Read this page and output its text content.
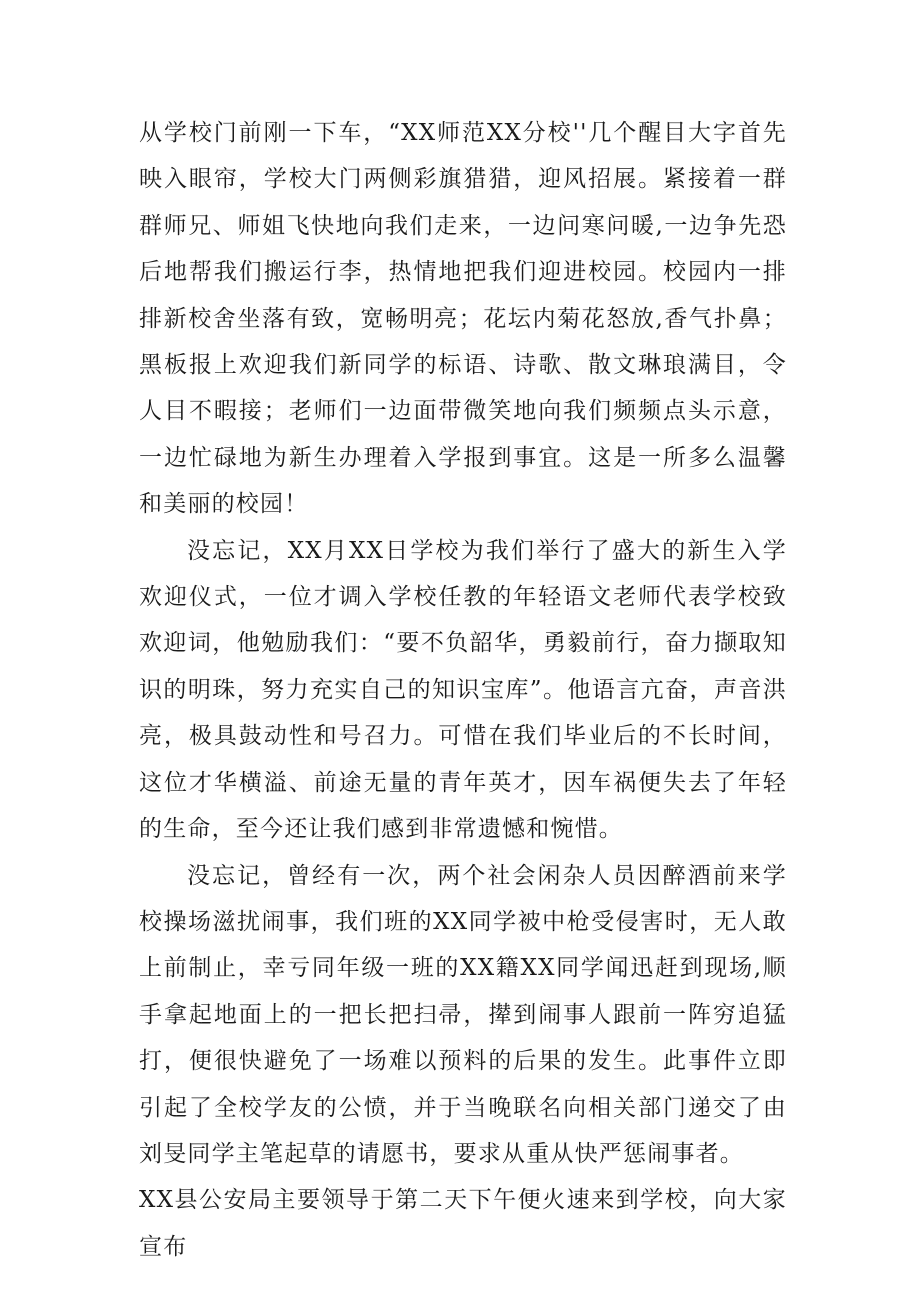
从学校门前刚一下车，“XX师范XX分校''几个醒目大字首先映入眼帘，学校大门两侧彩旗猎猎，迎风招展。紧接着一群群师兄、师姐飞快地向我们走来，一边问寒问暖,一边争先恐后地帮我们搬运行李，热情地把我们迎进校园。校园内一排排新校舍坐落有致，宽畅明亮；花坛内菊花怒放,香气扑鼻；黑板报上欢迎我们新同学的标语、诗歌、散文琳琅满目，令人目不暇接；老师们一边面带微笑地向我们频频点头示意，一边忙碌地为新生办理着入学报到事宜。这是一所多么温馨和美丽的校园！

没忘记，XX月XX日学校为我们举行了盛大的新生入学欢迎仪式，一位才调入学校任教的年轻语文老师代表学校致欢迎词，他勉励我们：“要不负韶华，勇毅前行，奋力撷取知识的明珠，努力充实自己的知识宝库”。他语言亢奋，声音洪亮，极具鼓动性和号召力。可惜在我们毕业后的不长时间，这位才华横溢、前途无量的青年英才，因车祸便失去了年轻的生命，至今还让我们感到非常遗憾和惋惜。

没忘记，曾经有一次，两个社会闲杂人员因醉酒前来学校操场滋扰闹事，我们班的XX同学被中枪受侵害时，无人敢上前制止，幸亏同年级一班的XX籍XX同学闻迅赶到现场,顺手拿起地面上的一把长把扫帚，撵到闹事人跟前一阵穷追猛打，便很快避免了一场难以预料的后果的发生。此事件立即引起了全校学友的公愤，并于当晚联名向相关部门递交了由刘旻同学主笔起草的请愿书，要求从重从快严惩闹事者。

XX县公安局主要领导于第二天下午便火速来到学校，向大家宣布
